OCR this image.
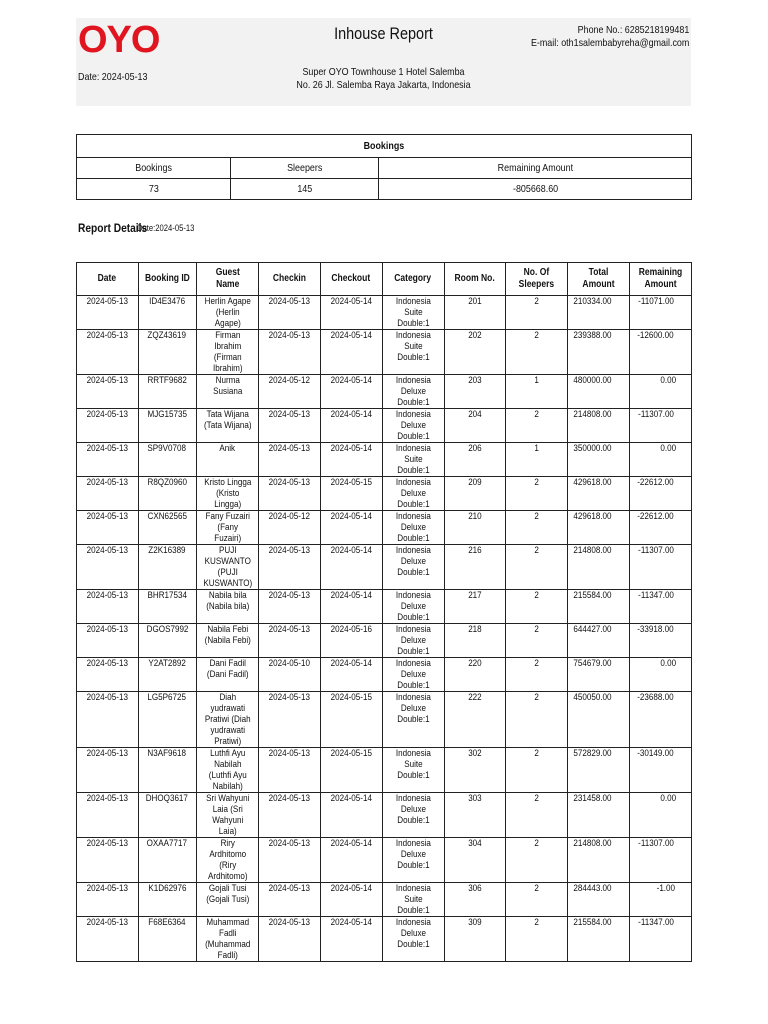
OYO	Inhouse Report
Super OYO Townhouse 1 Hotel Salemba
No. 26 Jl. Salemba Raya Jakarta, Indonesia
Date: 2024-05-13
Phone No.: 6285218199481
E-mail: oth1salembabyreha@gmail.com
Bookings		
Bookings	Sleepers	Remaining Amount
73	145	-805668.60
Report Details
Date:2024-05-13
Date	Booking ID	Guest Name	Checkin	Checkout	Category	Room No.	No. Of Sleepers	Total Amount	Remaining Amount
2024-05-13	ID4E3476	Herlin Agape (Herlin Agape)	2024-05-13	2024-05-14	Indonesia Suite Double:1	201	2	210334.00	-11071.00
2024-05-13	ZQZ43619	Firman Ibrahim (Firman Ibrahim)	2024-05-13	2024-05-14	Indonesia Suite Double:1	202	2	239388.00	-12600.00
2024-05-13	RRTF9682	Nurma Susiana	2024-05-12	2024-05-14	Indonesia Deluxe Double:1	203	1	480000.00	0.00
2024-05-13	MJG15735	Tata Wijana (Tata Wijana)	2024-05-13	2024-05-14	Indonesia Deluxe Double:1	204	2	214808.00	-11307.00
2024-05-13	SP9V0708	Anik	2024-05-13	2024-05-14	Indonesia Suite Double:1	206	1	350000.00	0.00
2024-05-13	R8QZ0960	Kristo Lingga (Kristo Lingga)	2024-05-13	2024-05-15	Indonesia Deluxe Double:1	209	2	429618.00	-22612.00
2024-05-13	CXN62565	Fany Fuzairi (Fany Fuzairi)	2024-05-12	2024-05-14	Indonesia Deluxe Double:1	210	2	429618.00	-22612.00
2024-05-13	Z2K16389	PUJI KUSWANTO (PUJI KUSWANTO)	2024-05-13	2024-05-14	Indonesia Deluxe Double:1	216	2	214808.00	-11307.00
2024-05-13	BHR17534	Nabila bila (Nabila bila)	2024-05-13	2024-05-14	Indonesia Deluxe Double:1	217	2	215584.00	-11347.00
2024-05-13	DGOS7992	Nabila Febi (Nabila Febi)	2024-05-13	2024-05-16	Indonesia Deluxe Double:1	218	2	644427.00	-33918.00
2024-05-13	Y2AT2892	Dani Fadil (Dani Fadil)	2024-05-10	2024-05-14	Indonesia Deluxe Double:1	220	2	754679.00	0.00
2024-05-13	LG5P6725	Diah yudrawati Pratiwi (Diah yudrawati Pratiwi)	2024-05-13	2024-05-15	Indonesia Deluxe Double:1	222	2	450050.00	-23688.00
2024-05-13	N3AF9618	Luthfi Ayu Nabilah (Luthfi Ayu Nabilah)	2024-05-13	2024-05-15	Indonesia Suite Double:1	302	2	572829.00	-30149.00
2024-05-13	DHOQ3617	Sri Wahyuni Laia (Sri Wahyuni Laia)	2024-05-13	2024-05-14	Indonesia Deluxe Double:1	303	2	231458.00	0.00
2024-05-13	OXAA7717	Riry Ardhitomo (Riry Ardhitomo)	2024-05-13	2024-05-14	Indonesia Deluxe Double:1	304	2	214808.00	-11307.00
2024-05-13	K1D62976	Gojali Tusi (Gojali Tusi)	2024-05-13	2024-05-14	Indonesia Suite Double:1	306	2	284443.00	-1.00
2024-05-13	F68E6364	Muhammad Fadli (Muhammad Fadli)	2024-05-13	2024-05-14	Indonesia Deluxe Double:1	309	2	215584.00	-11347.00
